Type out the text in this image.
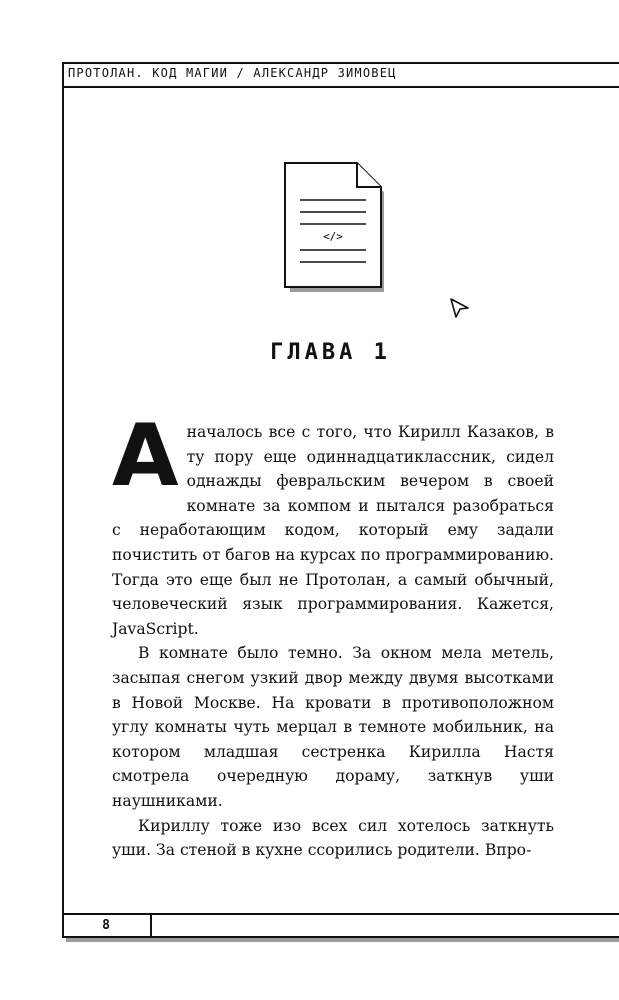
ПРОТОЛАН. КОД МАГИИ / АЛЕКСАНДР ЗИМОВЕЦ
</>
ГЛАВА 1

А началось все с того, что Кирилл Казаков, в ту пору еще одиннадцатиклассник, сидел однажды февральским вечером в своей комнате за компом и пытался разобраться с неработающим кодом, который ему задали почистить от багов на курсах по программированию. Тогда это еще был не Протолан, а самый обычный, человеческий язык программирования. Кажется, JavaScript.

В комнате было темно. За окном мела метель, засыпая снегом узкий двор между двумя высотками в Новой Москве. На кровати в противоположном углу комнаты чуть мерцал в темноте мобильник, на котором младшая сестренка Кирилла Настя смотрела очередную дораму, заткнув уши наушниками.

Кириллу тоже изо всех сил хотелось заткнуть уши. За стеной в кухне ссорились родители. Впро-

8
